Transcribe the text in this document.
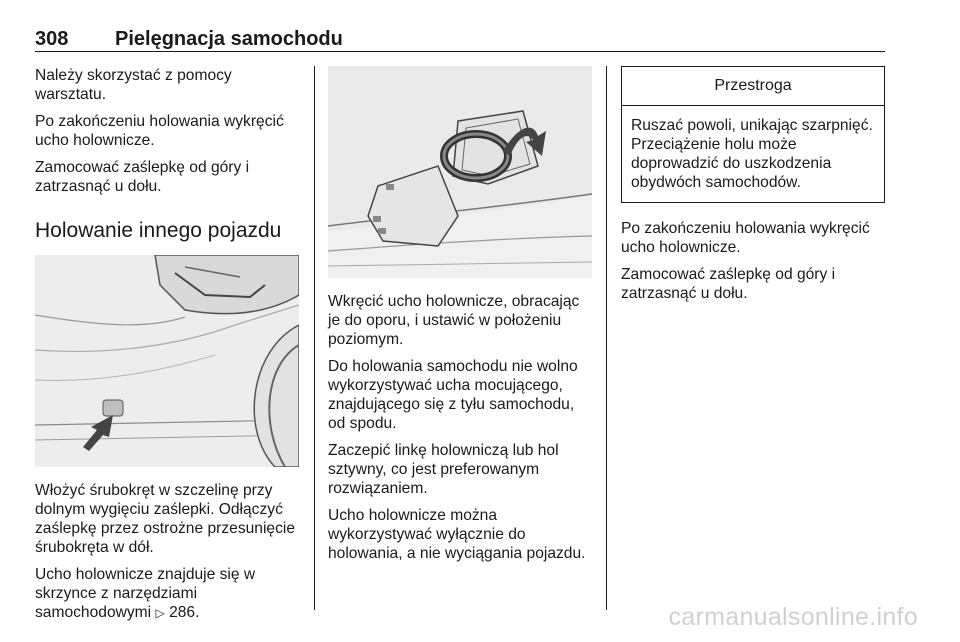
308 Pielęgnacja samochodu

Należy skorzystać z pomocy warsztatu.

Po zakończeniu holowania wykręcić ucho holownicze.

Zamocować zaślepkę od góry i zatrzasnąć u dołu.

Holowanie innego pojazdu

Włożyć śrubokręt w szczelinę przy dolnym wygięciu zaślepki. Odłączyć zaślepkę przez ostrożne przesunięcie śrubokręta w dół.

Ucho holownicze znajduje się w skrzynce z narzędziami samochodowymi ▷ 286.

Wkręcić ucho holownicze, obracając je do oporu, i ustawić w położeniu poziomym.

Do holowania samochodu nie wolno wykorzystywać ucha mocującego, znajdującego się z tyłu samochodu, od spodu.

Zaczepić linkę holowniczą lub hol sztywny, co jest preferowanym rozwiązaniem.

Ucho holownicze można wykorzystywać wyłącznie do holowania, a nie wyciągania pojazdu.

Przestroga
Ruszać powoli, unikając szarpnięć. Przeciążenie holu może doprowadzić do uszkodzenia obydwóch samochodów.

Po zakończeniu holowania wykręcić ucho holownicze.

Zamocować zaślepkę od góry i zatrzasnąć u dołu.

carmanualsonline.info
